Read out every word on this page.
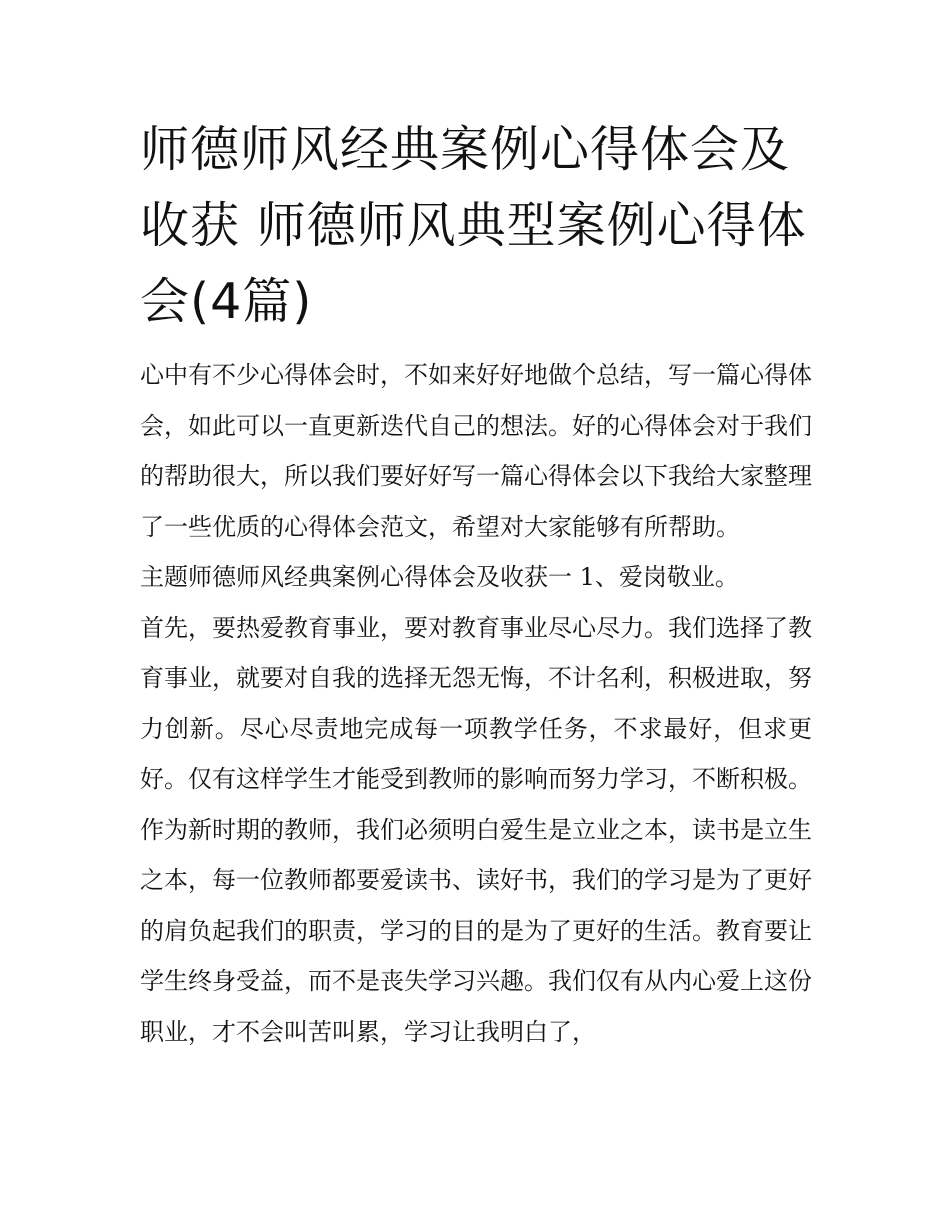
师德师风经典案例心得体会及收获 师德师风典型案例心得体会(4篇)

心中有不少心得体会时，不如来好好地做个总结，写一篇心得体会，如此可以一直更新迭代自己的想法。好的心得体会对于我们的帮助很大，所以我们要好好写一篇心得体会以下我给大家整理了一些优质的心得体会范文，希望对大家能够有所帮助。

主题师德师风经典案例心得体会及收获一 1、爱岗敬业。

首先，要热爱教育事业，要对教育事业尽心尽力。我们选择了教育事业，就要对自我的选择无怨无悔，不计名利，积极进取，努力创新。尽心尽责地完成每一项教学任务，不求最好，但求更好。仅有这样学生才能受到教师的影响而努力学习，不断积极。作为新时期的教师，我们必须明白爱生是立业之本，读书是立生之本，每一位教师都要爱读书、读好书，我们的学习是为了更好的肩负起我们的职责，学习的目的是为了更好的生活。教育要让学生终身受益，而不是丧失学习兴趣。我们仅有从内心爱上这份职业，才不会叫苦叫累，学习让我明白了，
